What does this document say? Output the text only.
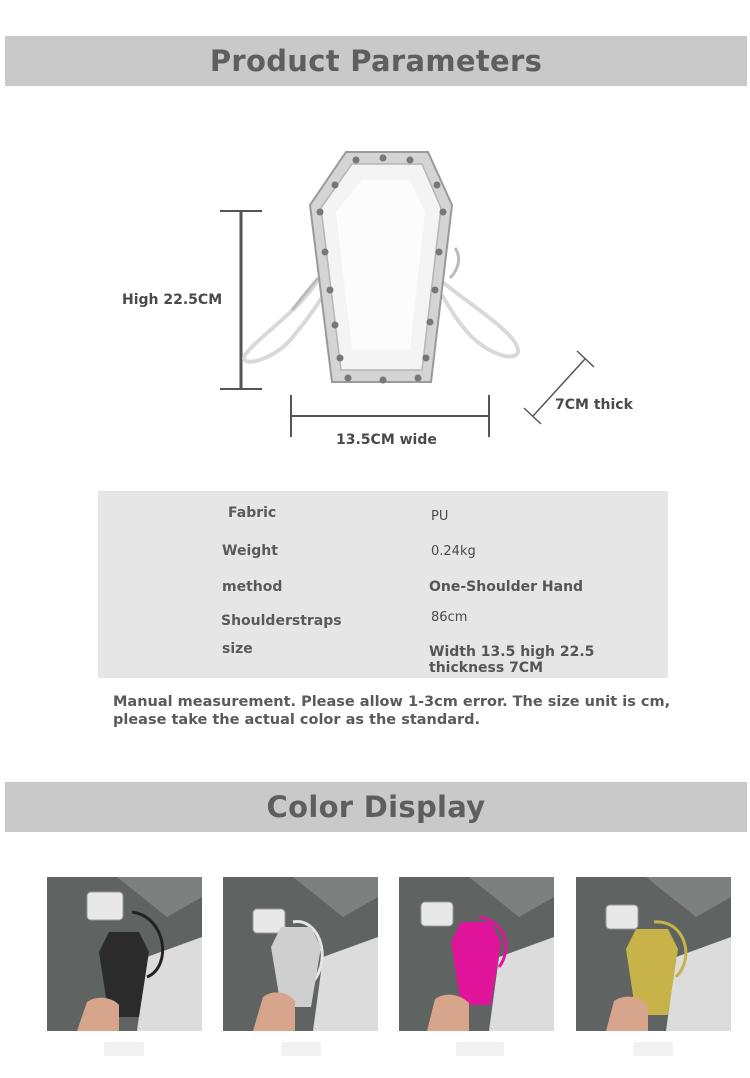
Product Parameters
High 22.5CM
13.5CM wide
7CM thick
Fabric	PU
Weight	0.24kg
method	One-Shoulder Hand
Shoulderstraps	86cm
size	Width 13.5 high 22.5
thickness 7CM
Manual measurement. Please allow 1-3cm error. The size unit is cm, please take the actual color as the standard.
Color Display
